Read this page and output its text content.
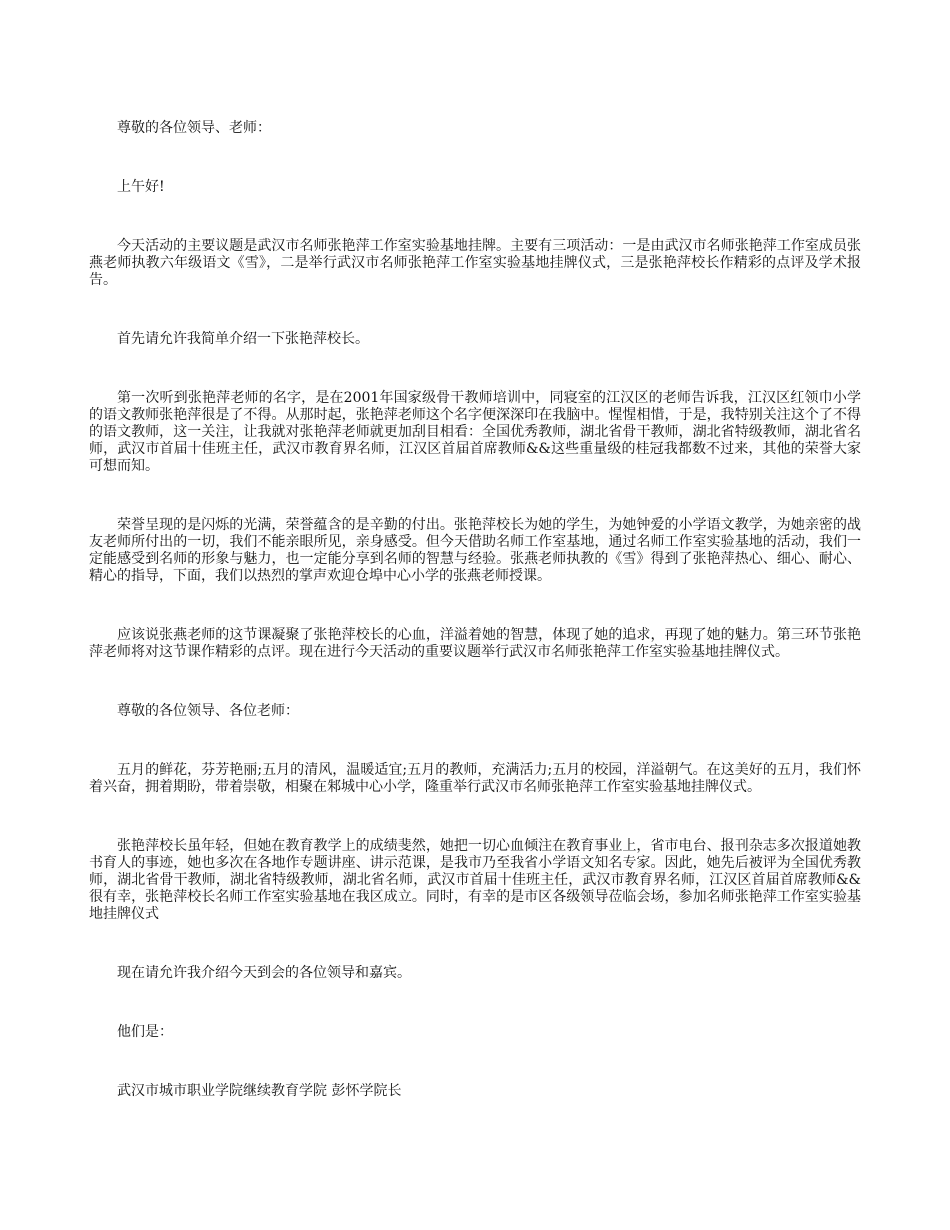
尊敬的各位领导、老师：

上午好!

今天活动的主要议题是武汉市名师张艳萍工作室实验基地挂牌。主要有三项活动：一是由武汉市名师张艳萍工作室成员张燕老师执教六年级语文《雪》，二是举行武汉市名师张艳萍工作室实验基地挂牌仪式，三是张艳萍校长作精彩的点评及学术报告。

首先请允许我简单介绍一下张艳萍校长。

第一次听到张艳萍老师的名字，是在2001年国家级骨干教师培训中，同寝室的江汉区的老师告诉我，江汉区红领巾小学的语文教师张艳萍很是了不得。从那时起，张艳萍老师这个名字便深深印在我脑中。惺惺相惜，于是，我特别关注这个了不得的语文教师，这一关注，让我就对张艳萍老师就更加刮目相看：全国优秀教师，湖北省骨干教师，湖北省特级教师，湖北省名师，武汉市首届十佳班主任，武汉市教育界名师，江汉区首届首席教师&&这些重量级的桂冠我都数不过来，其他的荣誉大家可想而知。

荣誉呈现的是闪烁的光满，荣誉蕴含的是辛勤的付出。张艳萍校长为她的学生，为她钟爱的小学语文教学，为她亲密的战友老师所付出的一切，我们不能亲眼所见，亲身感受。但今天借助名师工作室基地，通过名师工作室实验基地的活动，我们一定能感受到名师的形象与魅力，也一定能分享到名师的智慧与经验。张燕老师执教的《雪》得到了张艳萍热心、细心、耐心、精心的指导，下面，我们以热烈的掌声欢迎仓埠中心小学的张燕老师授课。

应该说张燕老师的这节课凝聚了张艳萍校长的心血，洋溢着她的智慧，体现了她的追求，再现了她的魅力。第三环节张艳萍老师将对这节课作精彩的点评。现在进行今天活动的重要议题举行武汉市名师张艳萍工作室实验基地挂牌仪式。

尊敬的各位领导、各位老师：

五月的鲜花，芬芳艳丽;五月的清风，温暖适宜;五月的教师，充满活力;五月的校园，洋溢朝气。在这美好的五月，我们怀着兴奋，拥着期盼，带着崇敬，相聚在邾城中心小学，隆重举行武汉市名师张艳萍工作室实验基地挂牌仪式。

张艳萍校长虽年轻，但她在教育教学上的成绩斐然，她把一切心血倾注在教育事业上，省市电台、报刊杂志多次报道她教书育人的事迹，她也多次在各地作专题讲座、讲示范课，是我市乃至我省小学语文知名专家。因此，她先后被评为全国优秀教师，湖北省骨干教师，湖北省特级教师，湖北省名师，武汉市首届十佳班主任，武汉市教育界名师，江汉区首届首席教师&&很有幸，张艳萍校长名师工作室实验基地在我区成立。同时，有幸的是市区各级领导莅临会场，参加名师张艳萍工作室实验基地挂牌仪式

现在请允许我介绍今天到会的各位领导和嘉宾。

他们是：

武汉市城市职业学院继续教育学院 彭怀学院长
